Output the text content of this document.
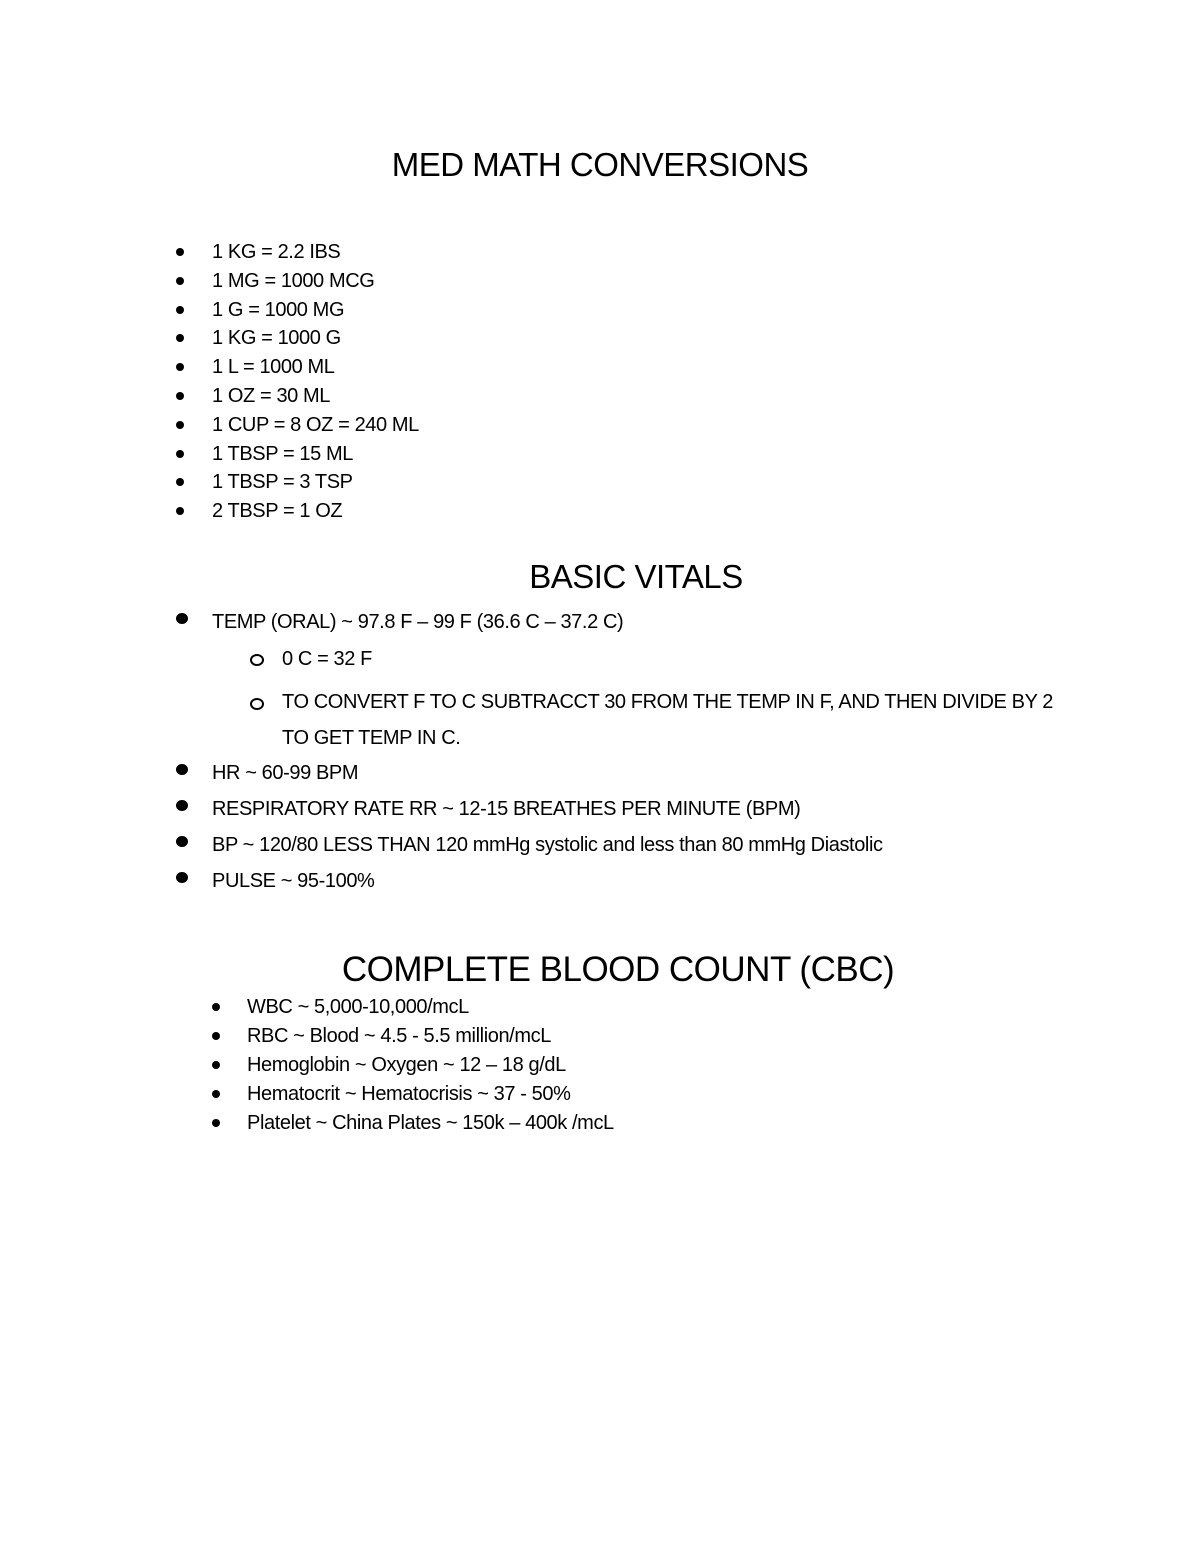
MED MATH CONVERSIONS
1 KG = 2.2 IBS
1 MG = 1000 MCG
1 G = 1000 MG
1 KG = 1000 G
1 L = 1000 ML
1 OZ = 30 ML
1 CUP = 8 OZ = 240 ML
1 TBSP = 15 ML
1 TBSP = 3 TSP
2 TBSP = 1 OZ
BASIC VITALS
TEMP (ORAL) ~ 97.8 F – 99 F (36.6 C – 37.2 C)
0 C = 32 F
TO CONVERT F TO C SUBTRACCT 30 FROM THE TEMP IN F, AND THEN DIVIDE BY 2
TO GET TEMP IN C.
HR ~ 60-99 BPM
RESPIRATORY RATE RR ~ 12-15 BREATHES PER MINUTE (BPM)
BP ~ 120/80 LESS THAN 120 mmHg systolic and less than 80 mmHg Diastolic
PULSE ~ 95-100%
COMPLETE BLOOD COUNT (CBC)
WBC ~ 5,000-10,000/mcL
RBC ~ Blood ~ 4.5 - 5.5 million/mcL
Hemoglobin ~ Oxygen ~ 12 – 18 g/dL
Hematocrit ~ Hematocrisis ~ 37 - 50%
Platelet ~ China Plates ~ 150k – 400k /mcL
